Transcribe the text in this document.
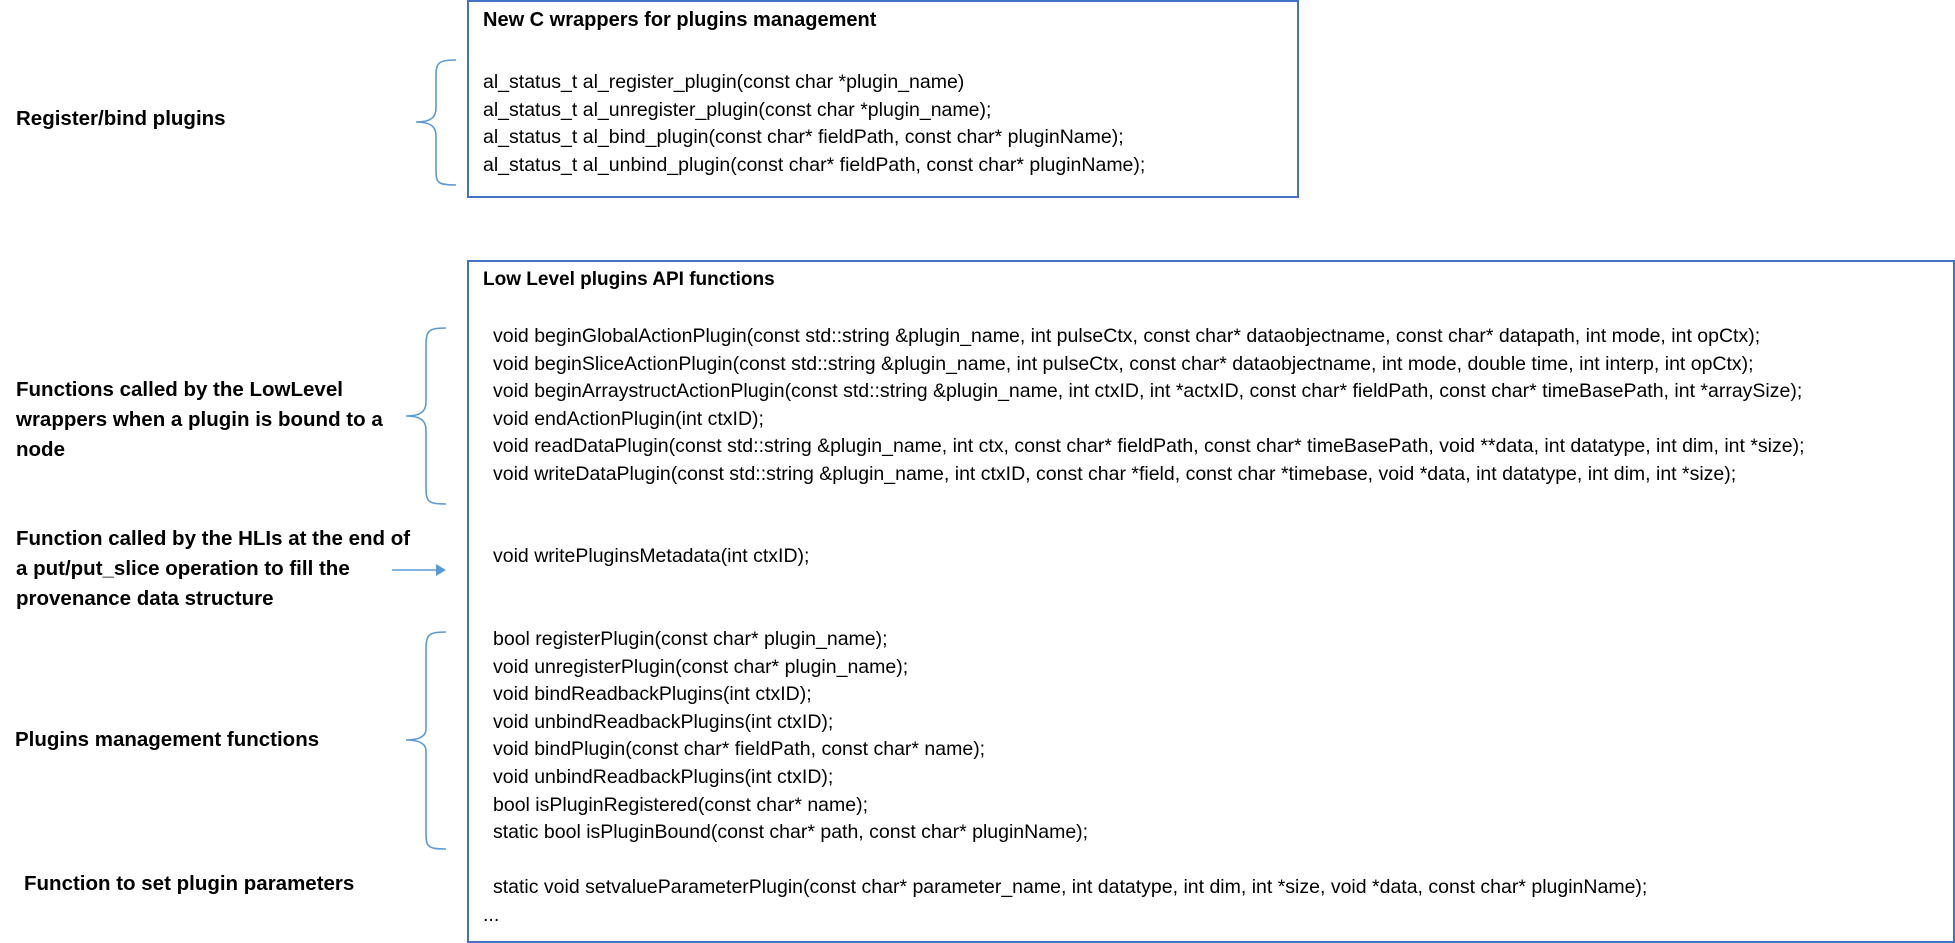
Register/bind plugins
Functions called by the LowLevel wrappers when a plugin is bound to a node
Function called by the HLIs at the end of a put/put_slice operation to fill the provenance data structure
Plugins management functions
Function to set plugin parameters
New C wrappers for plugins management
al_status_t al_register_plugin(const char *plugin_name)
al_status_t al_unregister_plugin(const char *plugin_name);
al_status_t al_bind_plugin(const char* fieldPath, const char* pluginName);
al_status_t al_unbind_plugin(const char* fieldPath, const char* pluginName);
Low Level plugins API functions
void beginGlobalActionPlugin(const std::string &plugin_name, int pulseCtx, const char* dataobjectname, const char* datapath, int mode, int opCtx);
void beginSliceActionPlugin(const std::string &plugin_name, int pulseCtx, const char* dataobjectname, int mode, double time, int interp, int opCtx);
void beginArraystructActionPlugin(const std::string &plugin_name, int ctxID, int *actxID, const char* fieldPath, const char* timeBasePath, int *arraySize);
void endActionPlugin(int ctxID);
void readDataPlugin(const std::string &plugin_name, int ctx, const char* fieldPath, const char* timeBasePath, void **data, int datatype, int dim, int *size);
void writeDataPlugin(const std::string &plugin_name, int ctxID, const char *field, const char *timebase, void *data, int datatype, int dim, int *size);
void writePluginsMetadata(int ctxID);
bool registerPlugin(const char* plugin_name);
void unregisterPlugin(const char* plugin_name);
void bindReadbackPlugins(int ctxID);
void unbindReadbackPlugins(int ctxID);
void bindPlugin(const char* fieldPath, const char* name);
void unbindReadbackPlugins(int ctxID);
bool isPluginRegistered(const char* name);
static bool isPluginBound(const char* path, const char* pluginName);
static void setvalueParameterPlugin(const char* parameter_name, int datatype, int dim, int *size, void *data, const char* pluginName);
...
